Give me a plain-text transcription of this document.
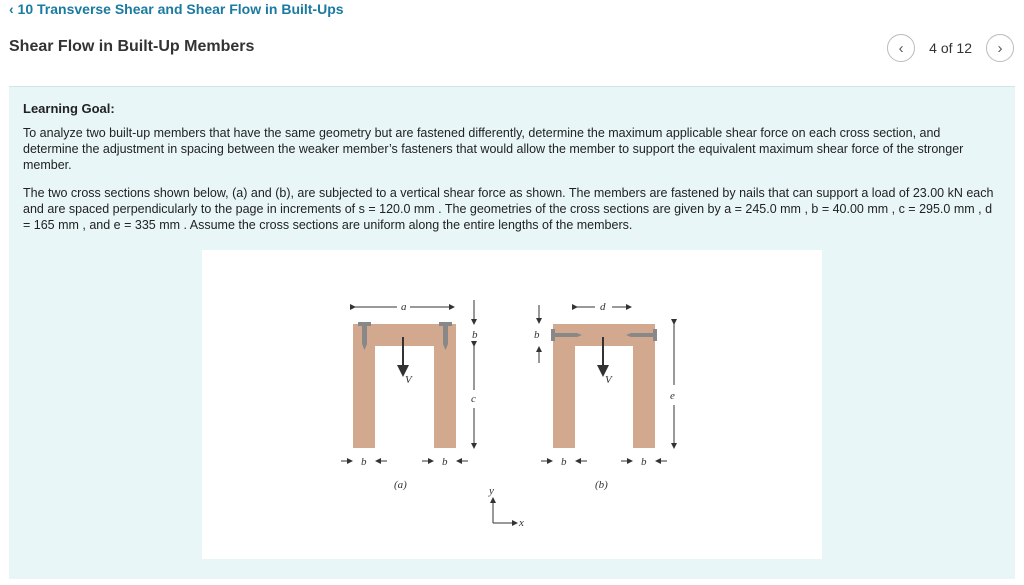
‹ 10 Transverse Shear and Shear Flow in Built-Ups
Shear Flow in Built-Up Members	‹ 4 of 12 ›
Learning Goal:
To analyze two built-up members that have the same geometry but are fastened differently, determine the maximum applicable shear force on each cross section, and determine the adjustment in spacing between the weaker member’s fasteners that would allow the member to support the equivalent maximum shear force of the stronger member.
The two cross sections shown below, (a) and (b), are subjected to a vertical shear force as shown. The members are fastened by nails that can support a load of 23.00 kN each and are spaced perpendicularly to the page in increments of s = 120.0 mm . The geometries of the cross sections are given by a = 245.0 mm , b = 40.00 mm , c = 295.0 mm , d = 165 mm , and e = 335 mm . Assume the cross sections are uniform along the entire lengths of the members.
a
b
c
V
d
b
e
V
b	b	b	b
(a)	(b)
y
x
